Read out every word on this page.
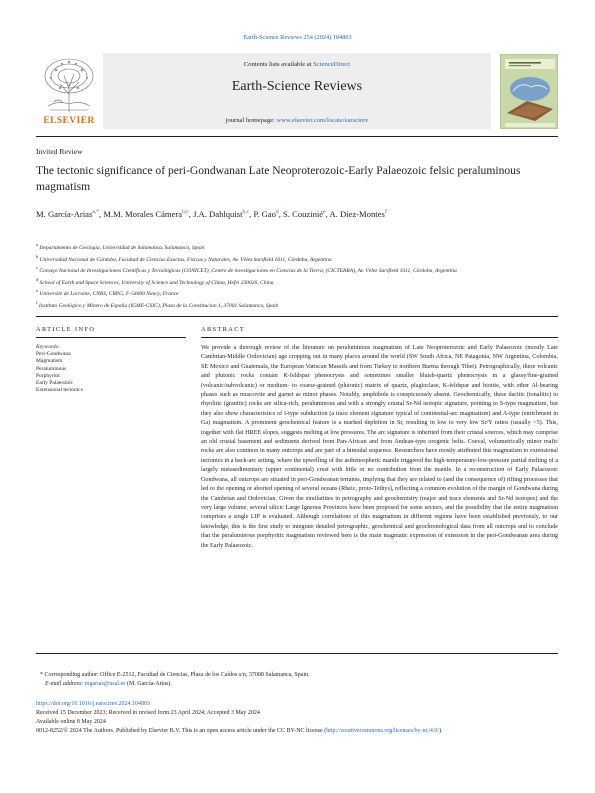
Earth-Science Reviews 254 (2024) 104803
ELSEVIER
Contents lists available at ScienceDirect
Earth-Science Reviews
journal homepage: www.elsevier.com/locate/earscirev
Invited Review
The tectonic significance of peri-Gondwanan Late Neoproterozoic-Early Palaeozoic felsic peraluminous magmatism
M. García-Arias$^{a,*}$, M.M. Morales Cámera$^{b,c}$, J.A. Dahlquist$^{b,c}$, P. Gao$^d$, S. Couzinié$^e$, A. Díez-Montes$^f$
$^a$ Departamento de Geología, Universidad de Salamanca, Salamanca, Spain
$^b$ Universidad Nacional de Córdoba, Facultad de Ciencias Exactas, Físicas y Naturales, Av. Vélez Sarsfield 1611, Córdoba, Argentina
$^c$ Consejo Nacional de Investigaciones Científicas y Tecnológicas (CONICET), Centro de investigaciones en Ciencias de la Tierra, (CICTERRA), Av. Vélez Sarsfield 1611, Córdoba, Argentina
$^d$ School of Earth and Space Sciences, University of Science and Technology of China, Hefei 230026, China
$^e$ Université de Lorraine, CNRS, CRPG, F-54000 Nancy, France
$^f$ Instituto Geológico y Minero de España (IGME-CSIC), Plaza de la Constitucion 1, 37001 Salamanca, Spain
ARTICLE INFO	ABSTRACT
Keywords:
Peri-Gondwana
Magmatism
Peraluminous
Porphyritic
Early Palaeozoic
Extensional tectonics
We provide a thorough review of the literature on peraluminous magmatism of Late Neoproterozoic and Early Palaeozoic (mostly Late Cambrian-Middle Ordovician) age cropping out in many places around the world (SW South Africa, NE Patagonia, NW Argentina, Colombia, SE Mexico and Guatemala, the European Variscan Massifs and from Turkey to northern Burma through Tibet). Petrographically, these volcanic and plutonic rocks contain K-feldspar phenocrysts and sometimes smaller bluish-quartz phenocrysts in a glassy/fine-grained (volcanic/subvolcanic) or medium- to coarse-grained (plutonic) matrix of quartz, plagioclase, K-feldspar and biotite, with other Al-bearing phases such as muscovite and garnet as minor phases. Notably, amphibole is conspicuously absent. Geochemically, these dacitic (tonalitic) to rhyolitic (granitic) rocks are silica-rich, peraluminous and with a strongly crustal Sr-Nd isotopic signature, pointing to S-type magmatism, but they also show characteristics of I-type subduction (a trace element signature typical of continental-arc magmatism) and A-type (enrichment in Ga) magmatism. A prominent geochemical feature is a marked depletion in Sr, resulting in low to very low Sr/Y ratios (usually <5). This, together with flat HREE slopes, suggests melting at low pressures. The arc signature is inherited from their crustal sources, which may comprise an old crustal basement and sediments derived from Pan-African and from Andean-type orogenic belts. Coeval, volumetrically minor mafic rocks are also common in many outcrops and are part of a bimodal sequence. Researchers have mostly attributed this magmatism to extensional tectonics in a back-arc setting, where the upwelling of the asthenospheric mantle triggered the high-temperature-low-pressure partial melting of a largely metasedimentary (upper continental) crust with little or no contribution from the mantle. In a reconstruction of Early Palaeozoic Gondwana, all outcrops are situated in peri-Gondwanan terranes, implying that they are related to (and the consequence of) rifting processes that led to the opening or aborted opening of several oceans (Rheic, proto-Tethys), reflecting a common evolution of the margin of Gondwana during the Cambrian and Ordovician. Given the similarities in petrography and geochemistry (major and trace elements and Sr-Nd isotopes) and the very large volume, several silicic Large Igneous Provinces have been proposed for some sectors, and the possibility that the entire magmatism comprises a single LIP is evaluated. Although correlations of this magmatism in different regions have been established previously, to our knowledge, this is the first study to integrate detailed petrographic, geochemical and geochronological data from all outcrops and to conclude that the peraluminous porphyritic magmatism reviewed here is the main magmatic expression of extension in the peri-Gondwanan area during the Early Palaeozoic.
* Corresponding author: Office E-2512, Facultad de Ciencias, Plaza de los Caídos s/n, 37008 Salamanca, Spain.
E-mail address: mgarias@usal.es (M. García-Arias).
https://doi.org/10.1016/j.earscirev.2024.104803
Received 15 December 2023; Received in revised form 23 April 2024; Accepted 3 May 2024
Available online 8 May 2024
0012-8252/© 2024 The Authors. Published by Elsevier B.V. This is an open access article under the CC BY-NC license (http://creativecommons.org/licenses/by-nc/4.0/).
